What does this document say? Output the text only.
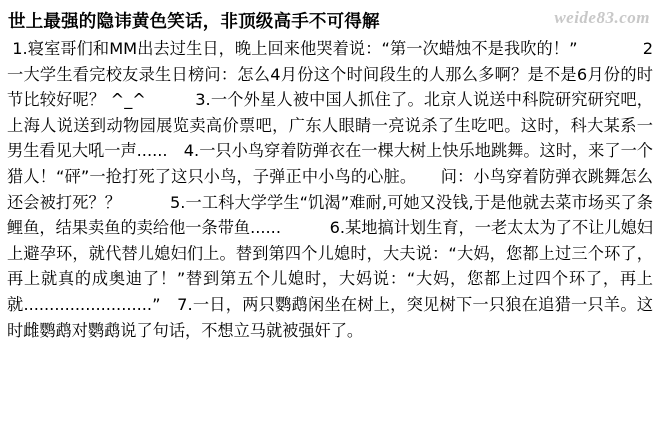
weide83.com
世上最强的隐讳黄色笑话，非顶级高手不可得解
1.寝室哥们和MM出去过生日，晚上回来他哭着说：“第一次蜡烛不是我吹的！”　　　　2 一大学生看完校友录生日榜问：怎么4月份这个时间段生的人那么多啊？是不是6月份的时节比较好呢？ ^_^　　　3.一个外星人被中国人抓住了。北京人说送中科院研究研究吧，上海人说送到动物园展览卖高价票吧，广东人眼睛一亮说杀了生吃吧。这时，科大某系一男生看见大吼一声......　4.一只小鸟穿着防弹衣在一棵大树上快乐地跳舞。这时，来了一个猎人！“砰”一抢打死了这只小鸟，子弹正中小鸟的心脏。　　问：小鸟穿着防弹衣跳舞怎么还会被打死？？　　　5.一工科大学学生“饥渴”难耐,可她又没钱,于是他就去菜市场买了条鲤鱼，结果卖鱼的卖给他一条带鱼......　　　6.某地搞计划生育，一老太太为了不让儿媳妇上避孕环，就代替儿媳妇们上。替到第四个儿媳时，大夫说：“大妈，您都上过三个环了，再上就真的成奥迪了！”替到第五个儿媳时，大妈说：“大妈，您都上过四个环了，再上就.........................”　7.一日，两只鹦鹉闲坐在树上，突见树下一只狼在追猎一只羊。这时雌鹦鹉对鹦鹉说了句话，不想立马就被强奸了。
